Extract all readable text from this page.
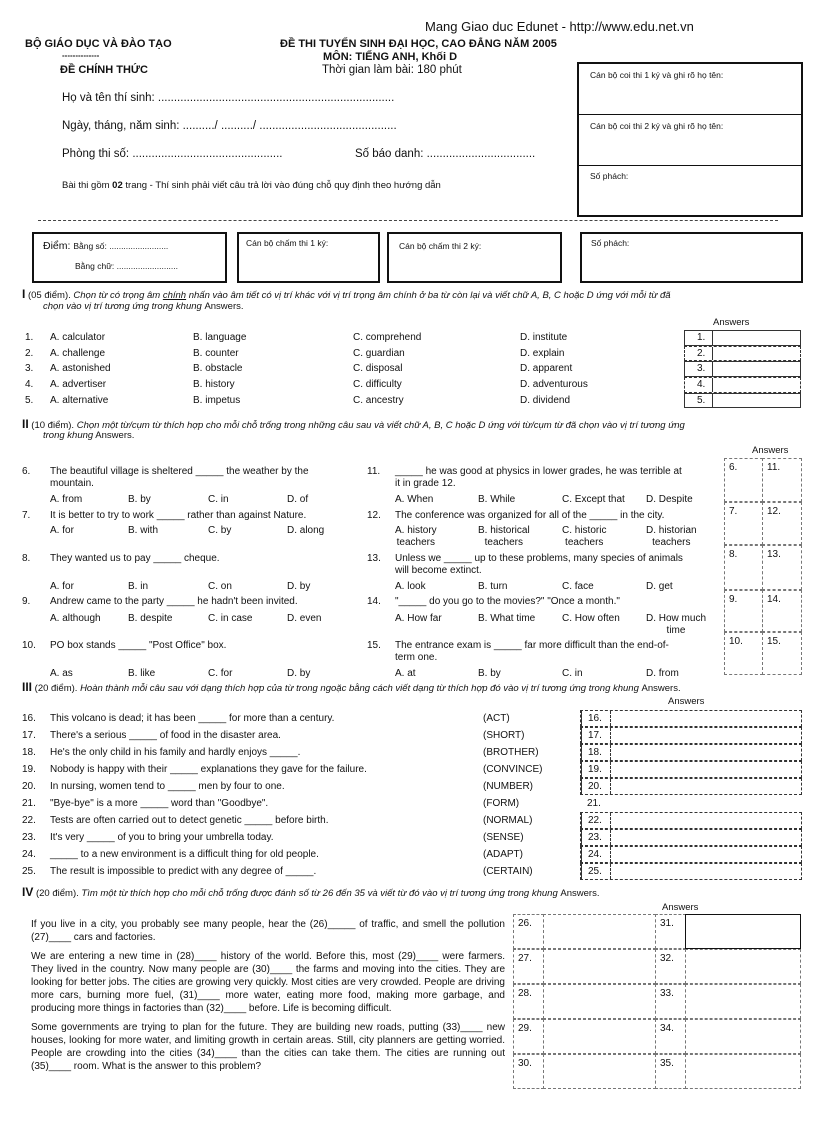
Mang Giao duc Edunet - http://www.edu.net.vn
BỘ GIÁO DỤC VÀ ĐÀO TẠO
--------------
ĐỀ CHÍNH THỨC
ĐỀ THI TUYỂN SINH ĐẠI HỌC, CAO ĐẲNG NĂM 2005
MÔN: TIẾNG ANH, Khối D
Thời gian làm bài: 180 phút
Họ và tên thí sinh: ..........................................................................
Ngày, tháng, năm sinh: ........../ ........../ ...........................................
Phòng thi số: ...............................................	Số báo danh: ..................................
Bài thi gồm 02 trang - Thí sinh phải viết câu trả lời vào đúng chỗ quy định theo hướng dẫn
Cán bộ coi thi 1 ký và ghi rõ họ tên:
Cán bộ coi thi 2 ký và ghi rõ họ tên:
Số phách:
Điểm: Bằng số: .........................
Bằng chữ: ..........................
Cán bộ chấm thi 1 ký:	Cán bộ chấm thi 2 ký:	Số phách:
I (05 điểm). Chọn từ có trọng âm chính nhấn vào âm tiết có vị trí khác với vị trí trọng âm chính ở ba từ còn lại và viết chữ A, B, C hoặc D ứng với mỗi từ đã
chọn vào vị trí tương ứng trong khung Answers.
Answers
1. A. calculator	B. language	C. comprehend	D. institute	1.
2. A. challenge	B. counter	C. guardian	D. explain	2.
3. A. astonished	B. obstacle	C. disposal	D. apparent	3.
4. A. advertiser	B. history	C. difficulty	D. adventurous	4.
5. A. alternative	B. impetus	C. ancestry	D. dividend	5.
II (10 điểm). Chọn một từ/cụm từ thích hợp cho mỗi chỗ trống trong những câu sau và viết chữ A, B, C hoặc D ứng với từ/cụm từ đã chọn vào vị trí tương ứng
trong khung Answers.
Answers
6. The beautiful village is sheltered _____ the weather by the
mountain.
A. from	B. by	C. in	D. of
7. It is better to try to work _____ rather than against Nature.
A. for	B. with	C. by	D. along
8. They wanted us to pay _____ cheque.
A. for	B. in	C. on	D. by
9. Andrew came to the party _____ he hadn't been invited.
A. although	B. despite	C. in case	D. even
10. PO box stands _____ "Post Office" box.
A. as	B. like	C. for	D. by
11. _____ he was good at physics in lower grades, he was terrible at
it in grade 12.
A. When	B. While	C. Except that D. Despite
12. The conference was organized for all of the _____ in the city.
A. history
teachers
B. historical
teachers
C. historic
teachers
D. historian
teachers
13. Unless we _____ up to these problems, many species of animals
will become extinct.
A. look	B. turn	C. face	D. get
14. "_____ do you go to the movies?" "Once a month."
A. How far	B. What time	C. How often	D. How much
time
15. The entrance exam is _____ far more difficult than the end-of-
term one.
A. at	B. by	C. in	D. from
6.	11.
7.	12.
8.	13.
9.	14.
10.	15.
III (20 điểm). Hoàn thành mỗi câu sau với dạng thích hợp của từ trong ngoặc bằng cách viết dạng từ thích hợp đó vào vị trí tương ứng trong khung Answers.
Answers
16. This volcano is dead; it has been _____ for more than a century.	(ACT)	16.
17. There's a serious _____ of food in the disaster area.	(SHORT)	17.
18. He's the only child in his family and hardly enjoys _____.	(BROTHER)	18.
19. Nobody is happy with their _____ explanations they gave for the failure.	(CONVINCE)	19.
20. In nursing, women tend to _____ men by four to one.	(NUMBER)	20.
21. "Bye-bye" is a more _____ word than "Goodbye".	(FORM)	21.
22. Tests are often carried out to detect genetic _____ before birth.	(NORMAL)	22.
23. It's very _____ of you to bring your umbrella today.	(SENSE)	23.
24. _____ to a new environment is a difficult thing for old people.	(ADAPT)	24.
25. The result is impossible to predict with any degree of _____.	(CERTAIN)	25.
IV (20 điểm). Tìm một từ thích hợp cho mỗi chỗ trống được đánh số từ 26 đến 35 và viết từ đó vào vị trí tương ứng trong khung Answers.
Answers

If you live in a city, you probably see many people, hear the (26)_____ of traffic, and smell the pollution (27)____ cars and factories.

We are entering a new time in (28)____ history of the world. Before this, most (29)____ were farmers. They lived in the country. Now many people are (30)____ the farms and moving into the cities. They are looking for better jobs. The cities are growing very quickly. Most cities are very crowded. People are driving more cars, burning more fuel, (31)____ more water, eating more food, making more garbage, and producing more things in factories than (32)____ before. Life is becoming difficult.

Some governments are trying to plan for the future. They are building new roads, putting (33)____ new houses, looking for more water, and limiting growth in certain areas. Still, city planners are getting worried. People are crowding into the cities (34)____ than the cities can take them. The cities are running out (35)____ room. What is the answer to this problem?

26.	31.
27.	32.
28.	33.
29.	34.
30.	35.
